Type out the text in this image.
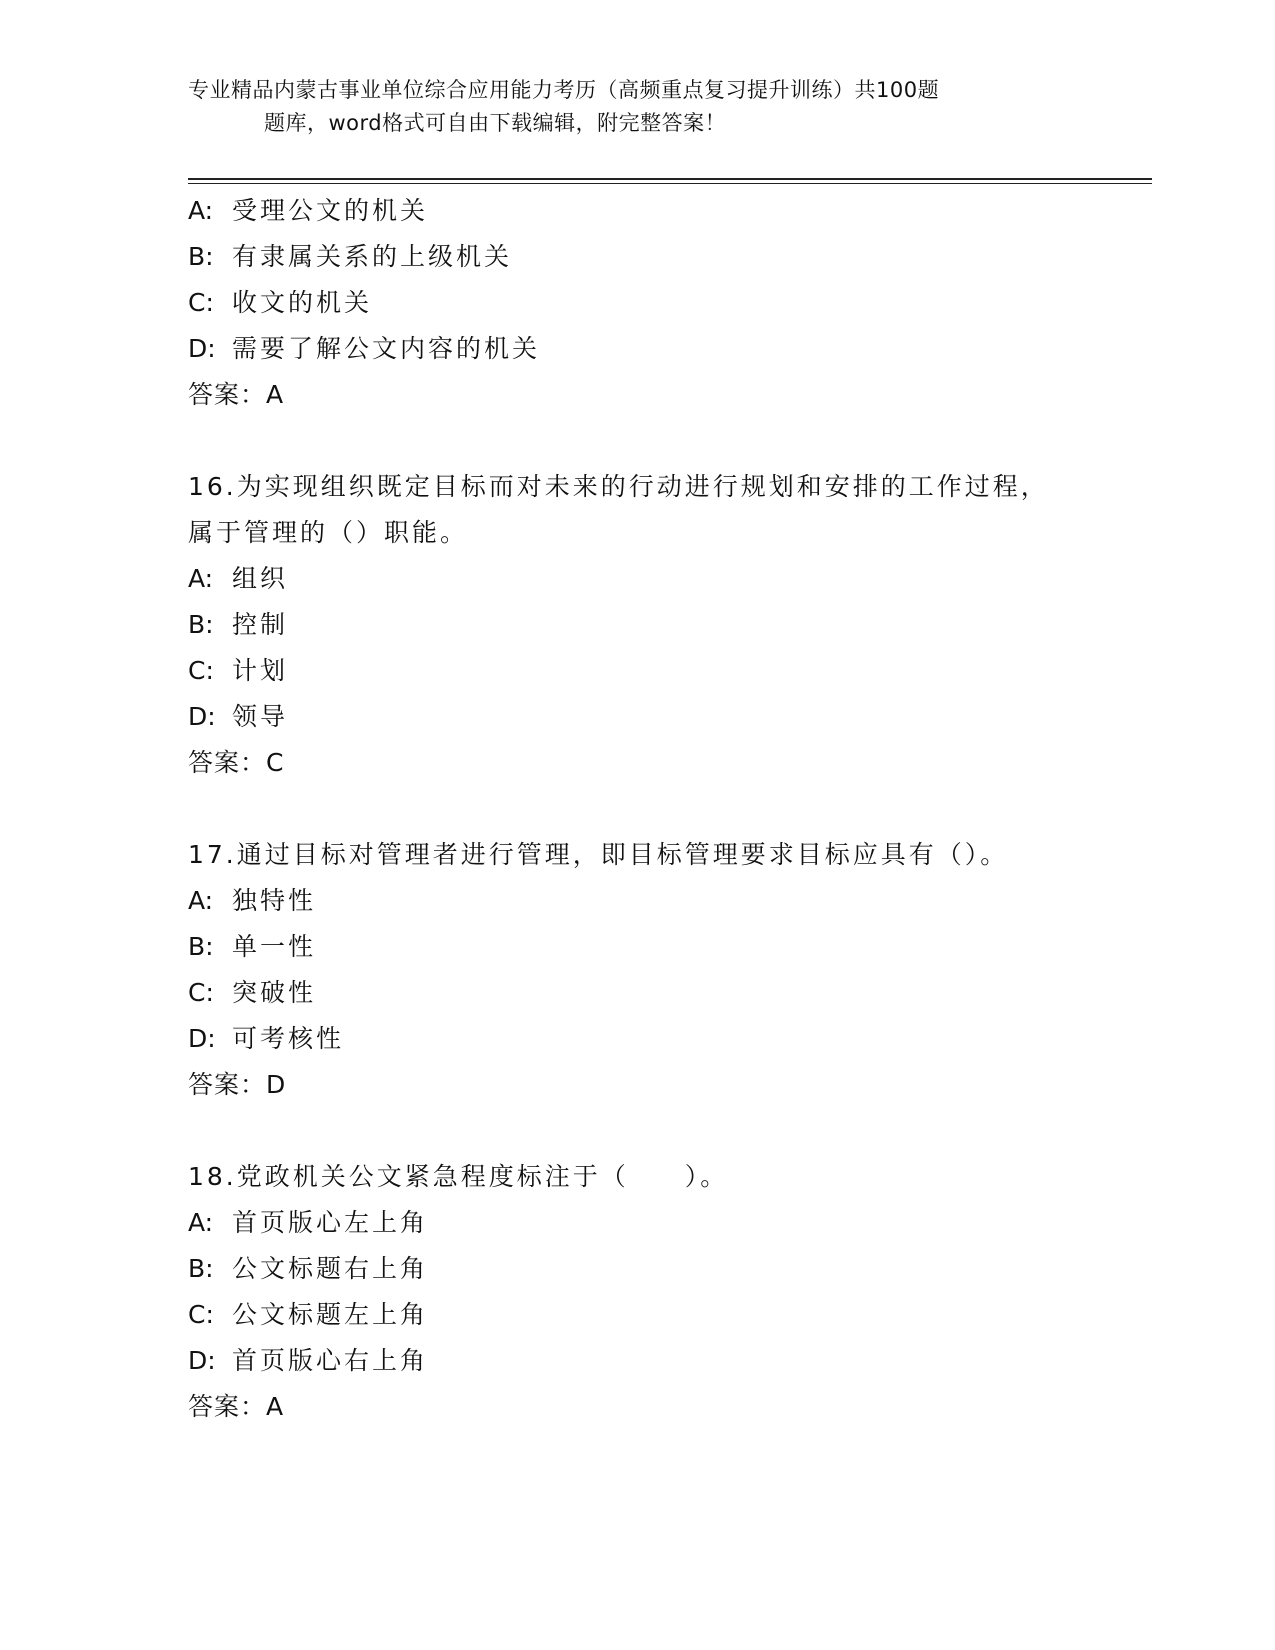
专业精品内蒙古事业单位综合应用能力考历（高频重点复习提升训练）共100题
题库，word格式可自由下载编辑，附完整答案！
A: 受理公文的机关
B: 有隶属关系的上级机关
C: 收文的机关
D: 需要了解公文内容的机关
答案：A
16.为实现组织既定目标而对未来的行动进行规划和安排的工作过程，
属于管理的（）职能。
A: 组织
B: 控制
C: 计划
D: 领导
答案：C
17.通过目标对管理者进行管理，即目标管理要求目标应具有（）。
A: 独特性
B: 单一性
C: 突破性
D: 可考核性
答案：D
18.党政机关公文紧急程度标注于（　　）。
A: 首页版心左上角
B: 公文标题右上角
C: 公文标题左上角
D: 首页版心右上角
答案：A
